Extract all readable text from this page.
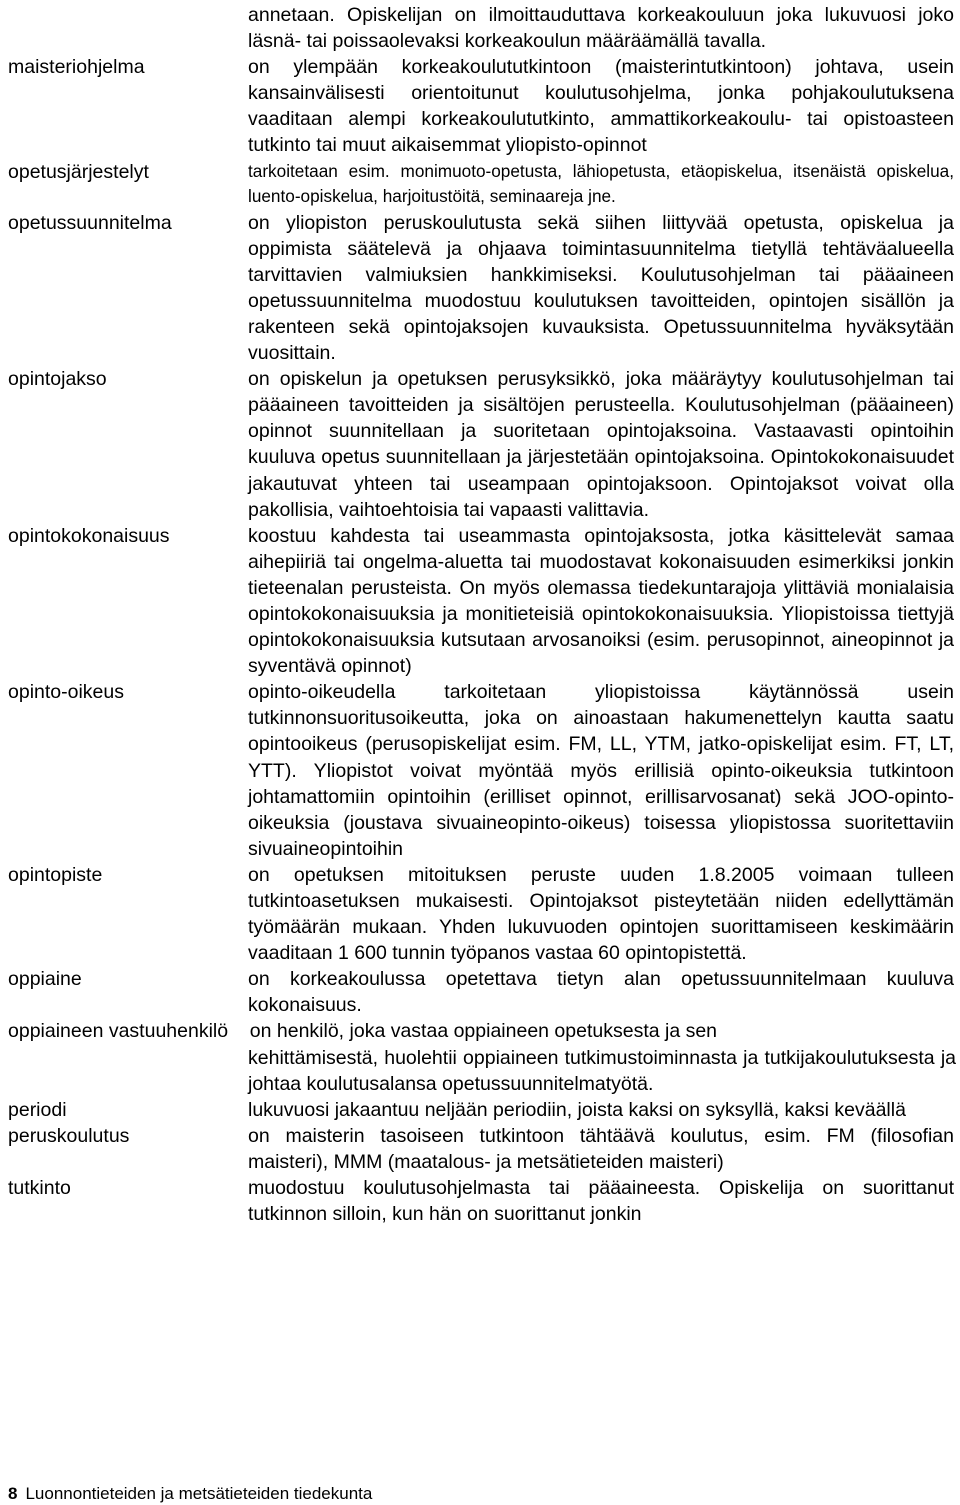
annetaan. Opiskelijan on ilmoittauduttava korkeakouluun joka lukuvuosi joko läsnä- tai poissaolevaksi korkeakoulun määräämällä tavalla.
maisteriohjelma	on ylempään korkeakoulututkintoon (maisterintutkintoon) johtava, usein kansainvälisesti orientoitunut koulutusohjelma, jonka pohjakoulutuksena vaaditaan alempi korkeakoulututkinto, ammattikorkeakoulu- tai opistoasteen tutkinto tai muut aikaisemmat yliopisto-opinnot
opetusjärjestelyt	tarkoitetaan esim. monimuoto-opetusta, lähiopetusta, etäopiskelua, itsenäistä opiskelua, luento-opiskelua, harjoitustöitä, seminaareja jne.
opetussuunnitelma	on yliopiston peruskoulutusta sekä siihen liittyvää opetusta, opiskelua ja oppimista säätelevä ja ohjaava toimintasuunnitelma tietyllä tehtäväalueella tarvittavien valmiuksien hankkimiseksi. Koulutusohjelman tai pääaineen opetussuunnitelma muodostuu koulutuksen tavoitteiden, opintojen sisällön ja rakenteen sekä opintojaksojen kuvauksista. Opetussuunnitelma hyväksytään vuosittain.
opintojakso	on opiskelun ja opetuksen perusyksikkö, joka määräytyy koulutusohjelman tai pääaineen tavoitteiden ja sisältöjen perusteella. Koulutusohjelman (pääaineen) opinnot suunnitellaan ja suoritetaan opintojaksoina. Vastaavasti opintoihin kuuluva opetus suunnitellaan ja järjestetään opintojaksoina. Opintokokonaisuudet jakautuvat yhteen tai useampaan opintojaksoon. Opintojaksot voivat olla pakollisia, vaihtoehtoisia tai vapaasti valittavia.
opintokokonaisuus	koostuu kahdesta tai useammasta opintojaksosta, jotka käsittelevät samaa aihepiiriä tai ongelma-aluetta tai muodostavat kokonaisuuden esimerkiksi jonkin tieteenalan perusteista. On myös olemassa tiedekuntarajoja ylittäviä monialaisia opintokokonaisuuksia ja monitieteisiä opintokokonaisuuksia. Yliopistoissa tiettyjä opintokokonaisuuksia kutsutaan arvosanoiksi (esim. perusopinnot, aineopinnot ja syventävä opinnot)
opinto-oikeus	opinto-oikeudella tarkoitetaan yliopistoissa käytännössä usein tutkinnonsuoritusoikeutta, joka on ainoastaan hakumenettelyn kautta saatu opintooikeus (perusopiskelijat esim. FM, LL, YTM, jatko-opiskelijat esim. FT, LT, YTT). Yliopistot voivat myöntää myös erillisiä opinto-oikeuksia tutkintoon johtamattomiin opintoihin (erilliset opinnot, erillisarvosanat) sekä JOO-opinto- oikeuksia (joustava sivuaineopinto-oikeus) toisessa yliopistossa suoritettaviin sivuaineopintoihin
opintopiste	on opetuksen mitoituksen peruste uuden 1.8.2005 voimaan tulleen tutkintoasetuksen mukaisesti. Opintojaksot pisteytetään niiden edellyttämän työmäärän mukaan. Yhden lukuvuoden opintojen suorittamiseen keskimäärin vaaditaan 1 600 tunnin työpanos vastaa 60 opintopistettä.
oppiaine	on korkeakoulussa opetettava tietyn alan opetussuunnitelmaan kuuluva kokonaisuus.
oppiaineen vastuuhenkilö on henkilö, joka vastaa oppiaineen opetuksesta ja sen
kehittämisestä, huolehtii oppiaineen tutkimustoiminnasta ja tutkijakoulutuksesta ja johtaa koulutusalansa opetussuunnitelmatyötä.
periodi	lukuvuosi jakaantuu neljään periodiin, joista kaksi on syksyllä, kaksi keväällä
peruskoulutus	on maisterin tasoiseen tutkintoon tähtäävä koulutus, esim. FM (filosofian maisteri), MMM (maatalous- ja metsätieteiden maisteri)
tutkinto	muodostuu koulutusohjelmasta tai pääaineesta. Opiskelija on suorittanut tutkinnon silloin, kun hän on suorittanut jonkin
8 Luonnontieteiden ja metsätieteiden tiedekunta
